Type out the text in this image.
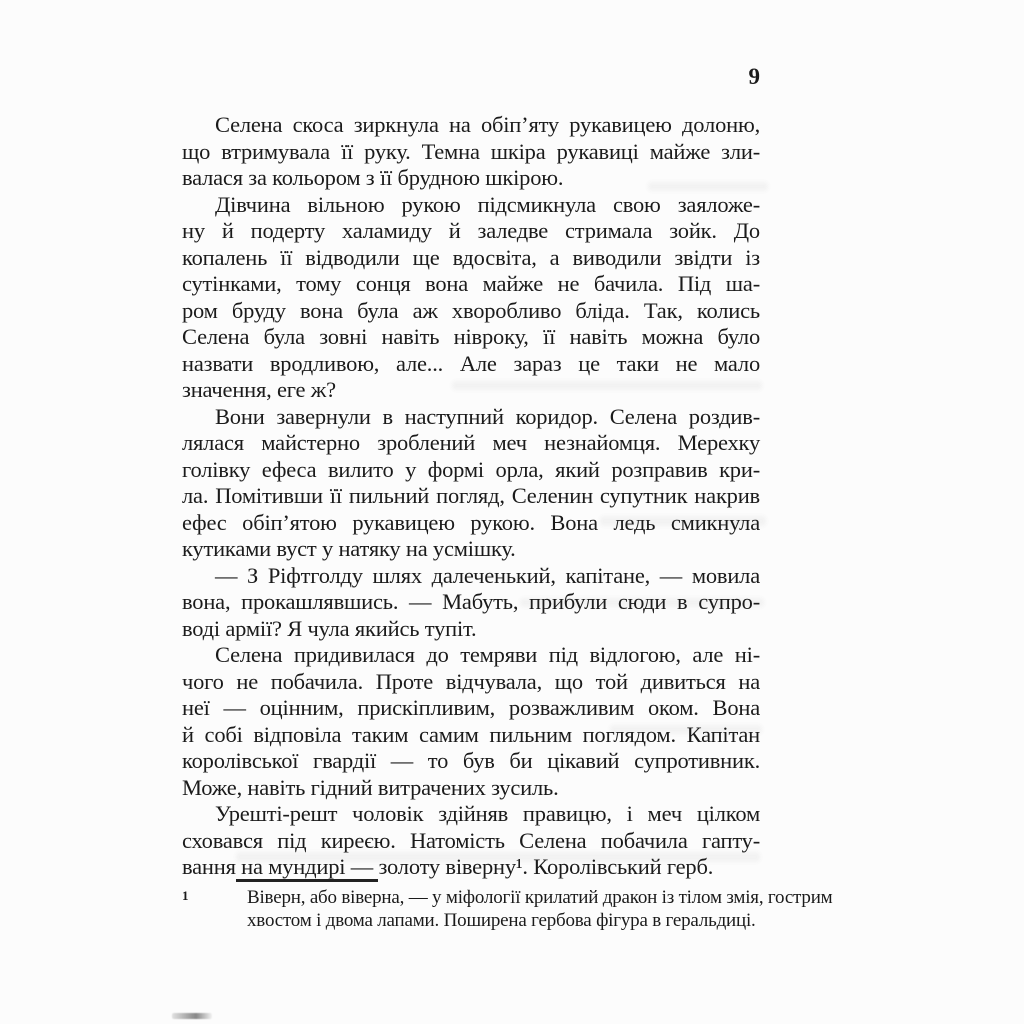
9
Селена скоса зиркнула на обіп’яту рукавицею долоню,
що втримувала її руку. Темна шкіра рукавиці майже зли-
валася за кольором з її брудною шкірою.
Дівчина вільною рукою підсмикнула свою заяложе-
ну й подерту халамиду й заледве стримала зойк. До
копалень її відводили ще вдосвіта, а виводили звідти із
сутінками, тому сонця вона майже не бачила. Під ша-
ром бруду вона була аж хворобливо бліда. Так, колись
Селена була зовні навіть нівроку, її навіть можна було
назвати вродливою, але... Але зараз це таки не мало
значення, еге ж?
Вони завернули в наступний коридор. Селена роздив-
лялася майстерно зроблений меч незнайомця. Мерехку
голівку ефеса вилито у формі орла, який розправив кри-
ла. Помітивши її пильний погляд, Селенин супутник накрив
ефес обіп’ятою рукавицею рукою. Вона ледь смикнула
кутиками вуст у натяку на усмішку.
— З Ріфтголду шлях далеченький, капітане, — мовила
вона, прокашлявшись. — Мабуть, прибули сюди в супро-
воді армії? Я чула якийсь тупіт.
Селена придивилася до темряви під відлогою, але ні-
чого не побачила. Проте відчувала, що той дивиться на
неї — оцінним, прискіпливим, розважливим оком. Вона
й собі відповіла таким самим пильним поглядом. Капітан
королівської гвардії — то був би цікавий супротивник.
Може, навіть гідний витрачених зусиль.
Урешті-решт чоловік здійняв правицю, і меч цілком
сховався під киреєю. Натомість Селена побачила гапту-
вання на мундирі — золоту віверну¹. Королівський герб.
1	Віверн, або віверна, — у міфології крилатий дракон із тілом змія, гострим
хвостом і двома лапами. Поширена гербова фігура в геральдиці.
